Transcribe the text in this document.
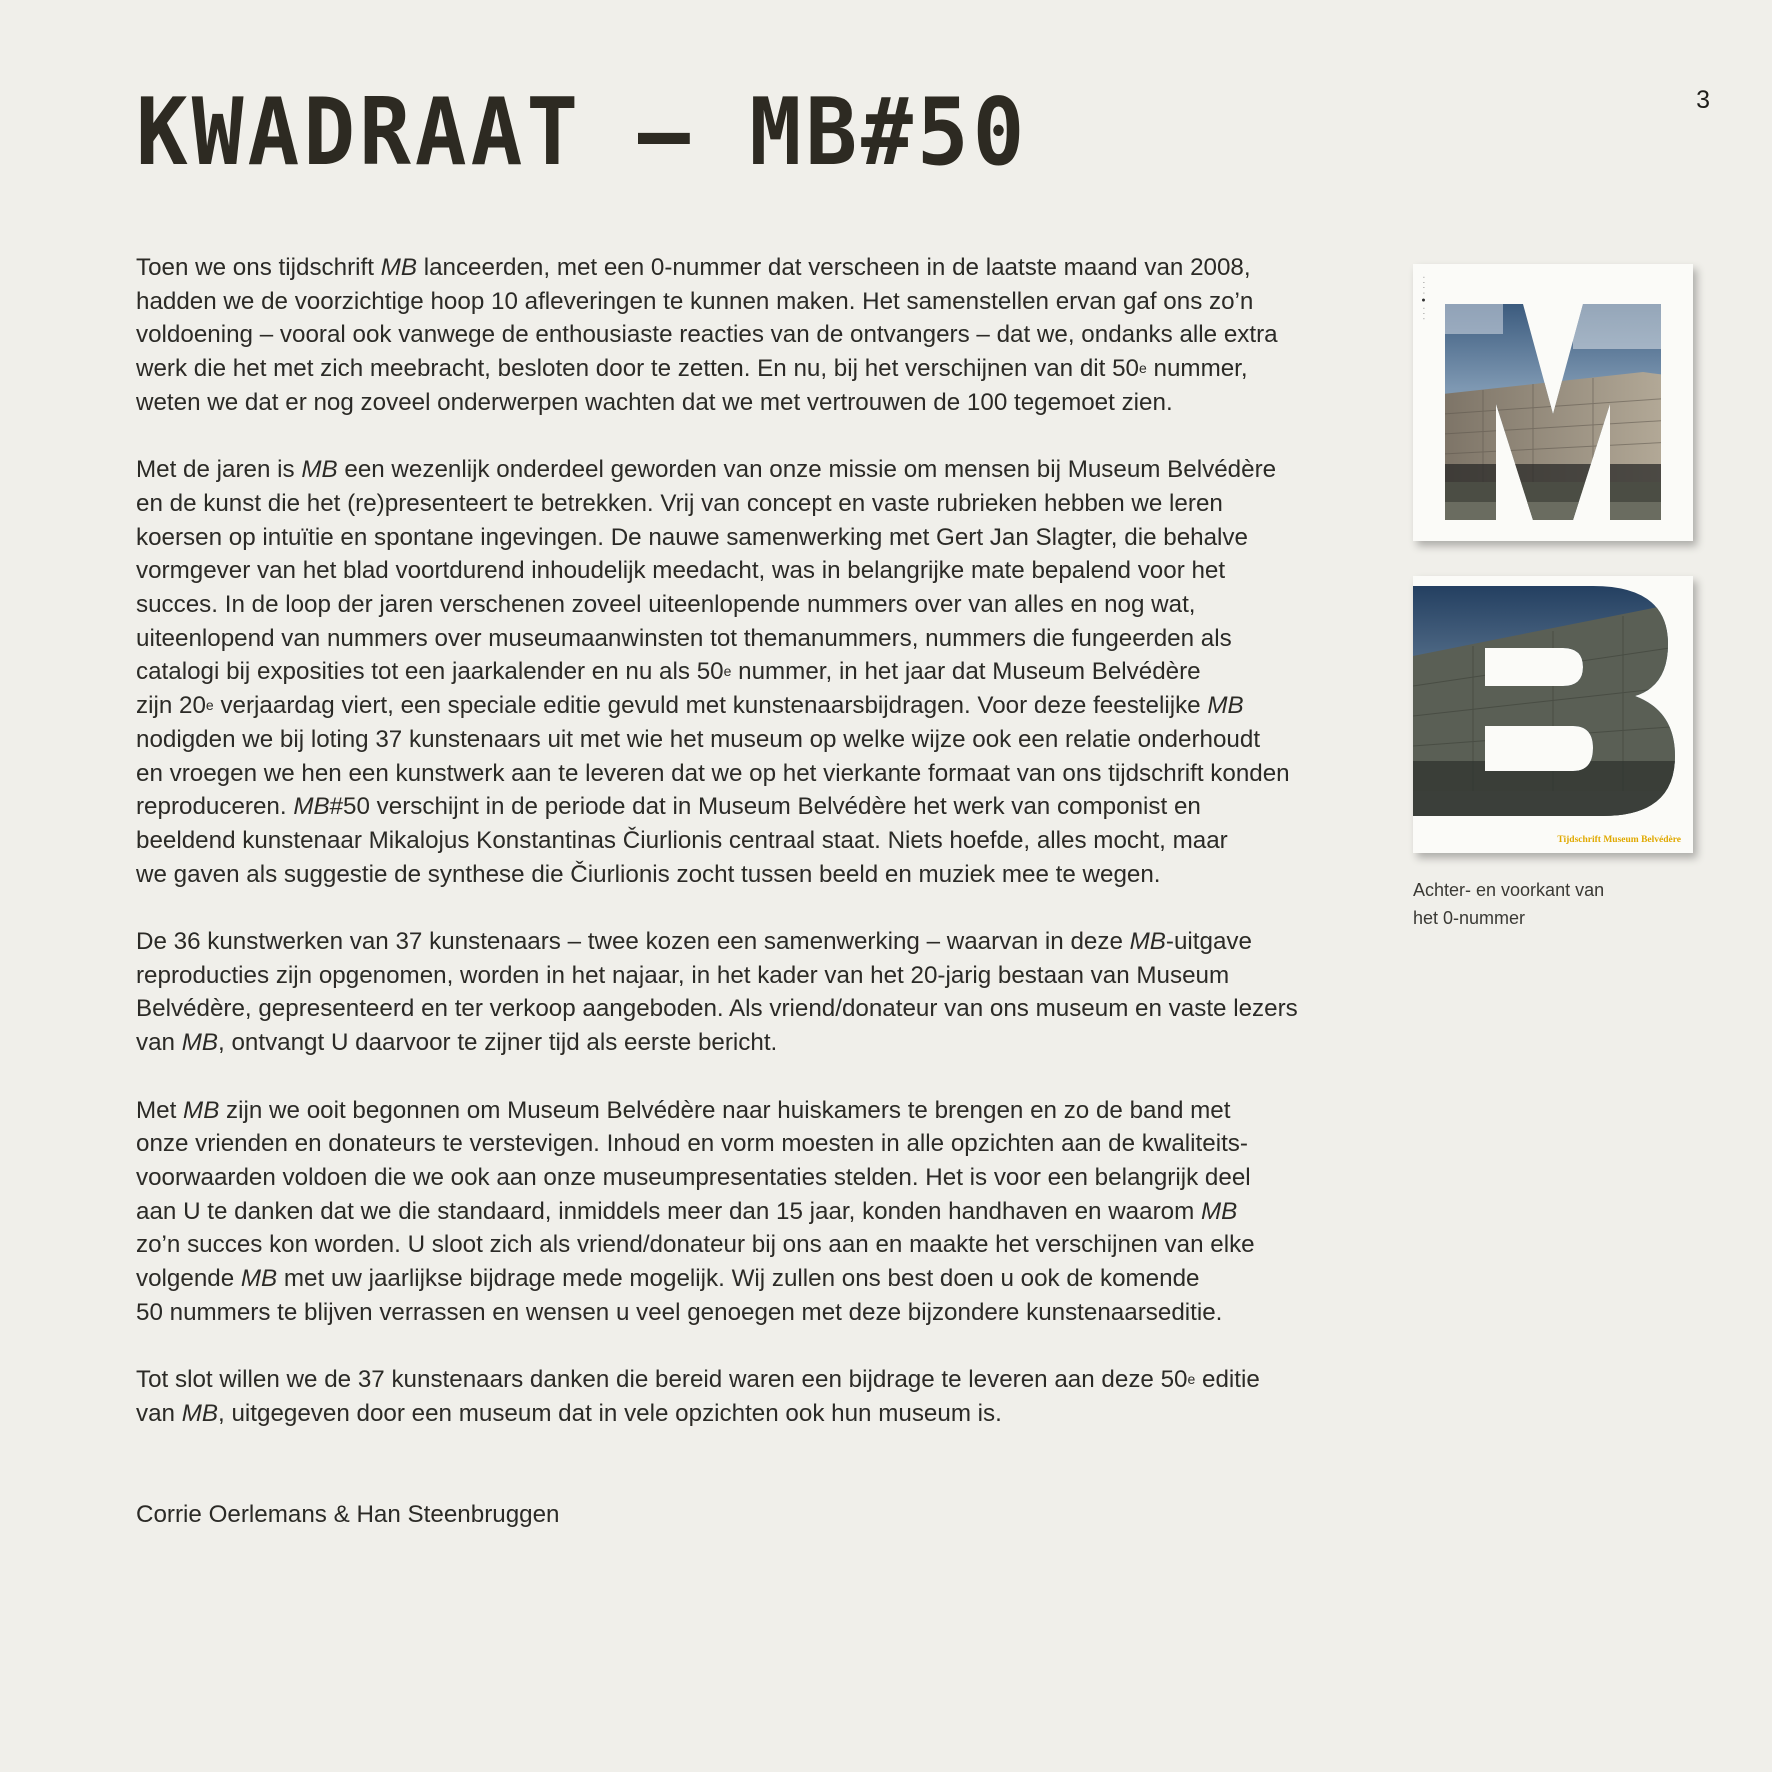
3
KWADRAAT – MB#50
Toen we ons tijdschrift MB lanceerden, met een 0-nummer dat verscheen in de laatste maand van 2008,
hadden we de voorzichtige hoop 10 afleveringen te kunnen maken. Het samenstellen ervan gaf ons zo’n
voldoening – vooral ook vanwege de enthousiaste reacties van de ontvangers – dat we, ondanks alle extra
werk die het met zich meebracht, besloten door te zetten. En nu, bij het verschijnen van dit 50e nummer,
weten we dat er nog zoveel onderwerpen wachten dat we met vertrouwen de 100 tegemoet zien.
Met de jaren is MB een wezenlijk onderdeel geworden van onze missie om mensen bij Museum Belvédère
en de kunst die het (re)presenteert te betrekken. Vrij van concept en vaste rubrieken hebben we leren
koersen op intuïtie en spontane ingevingen. De nauwe samenwerking met Gert Jan Slagter, die behalve
vormgever van het blad voortdurend inhoudelijk meedacht, was in belangrijke mate bepalend voor het
succes. In de loop der jaren verschenen zoveel uiteenlopende nummers over van alles en nog wat,
uiteenlopend van nummers over museumaanwinsten tot themanummers, nummers die fungeerden als
catalogi bij exposities tot een jaarkalender en nu als 50e nummer, in het jaar dat Museum Belvédère
zijn 20e verjaardag viert, een speciale editie gevuld met kunstenaarsbijdragen. Voor deze feestelijke MB
nodigden we bij loting 37 kunstenaars uit met wie het museum op welke wijze ook een relatie onderhoudt
en vroegen we hen een kunstwerk aan te leveren dat we op het vierkante formaat van ons tijdschrift konden
reproduceren. MB#50 verschijnt in de periode dat in Museum Belvédère het werk van componist en
beeldend kunstenaar Mikalojus Konstantinas Čiurlionis centraal staat. Niets hoefde, alles mocht, maar
we gaven als suggestie de synthese die Čiurlionis zocht tussen beeld en muziek mee te wegen.
De 36 kunstwerken van 37 kunstenaars – twee kozen een samenwerking – waarvan in deze MB-uitgave
reproducties zijn opgenomen, worden in het najaar, in het kader van het 20-jarig bestaan van Museum
Belvédère, gepresenteerd en ter verkoop aangeboden. Als vriend/donateur van ons museum en vaste lezers
van MB, ontvangt U daarvoor te zijner tijd als eerste bericht.
Met MB zijn we ooit begonnen om Museum Belvédère naar huiskamers te brengen en zo de band met
onze vrienden en donateurs te verstevigen. Inhoud en vorm moesten in alle opzichten aan de kwaliteits-
voorwaarden voldoen die we ook aan onze museumpresentaties stelden. Het is voor een belangrijk deel
aan U te danken dat we die standaard, inmiddels meer dan 15 jaar, konden handhaven en waarom MB
zo’n succes kon worden. U sloot zich als vriend/donateur bij ons aan en maakte het verschijnen van elke
volgende MB met uw jaarlijkse bijdrage mede mogelijk. Wij zullen ons best doen u ook de komende
50 nummers te blijven verrassen en wensen u veel genoegen met deze bijzondere kunstenaarseditie.
Tot slot willen we de 37 kunstenaars danken die bereid waren een bijdrage te leveren aan deze 50e editie
van MB, uitgegeven door een museum dat in vele opzichten ook hun museum is.
Corrie Oerlemans & Han Steenbruggen
· · · · ● · · ·
Tijdschrift Museum Belvédère
Achter- en voorkant van
het 0-nummer
